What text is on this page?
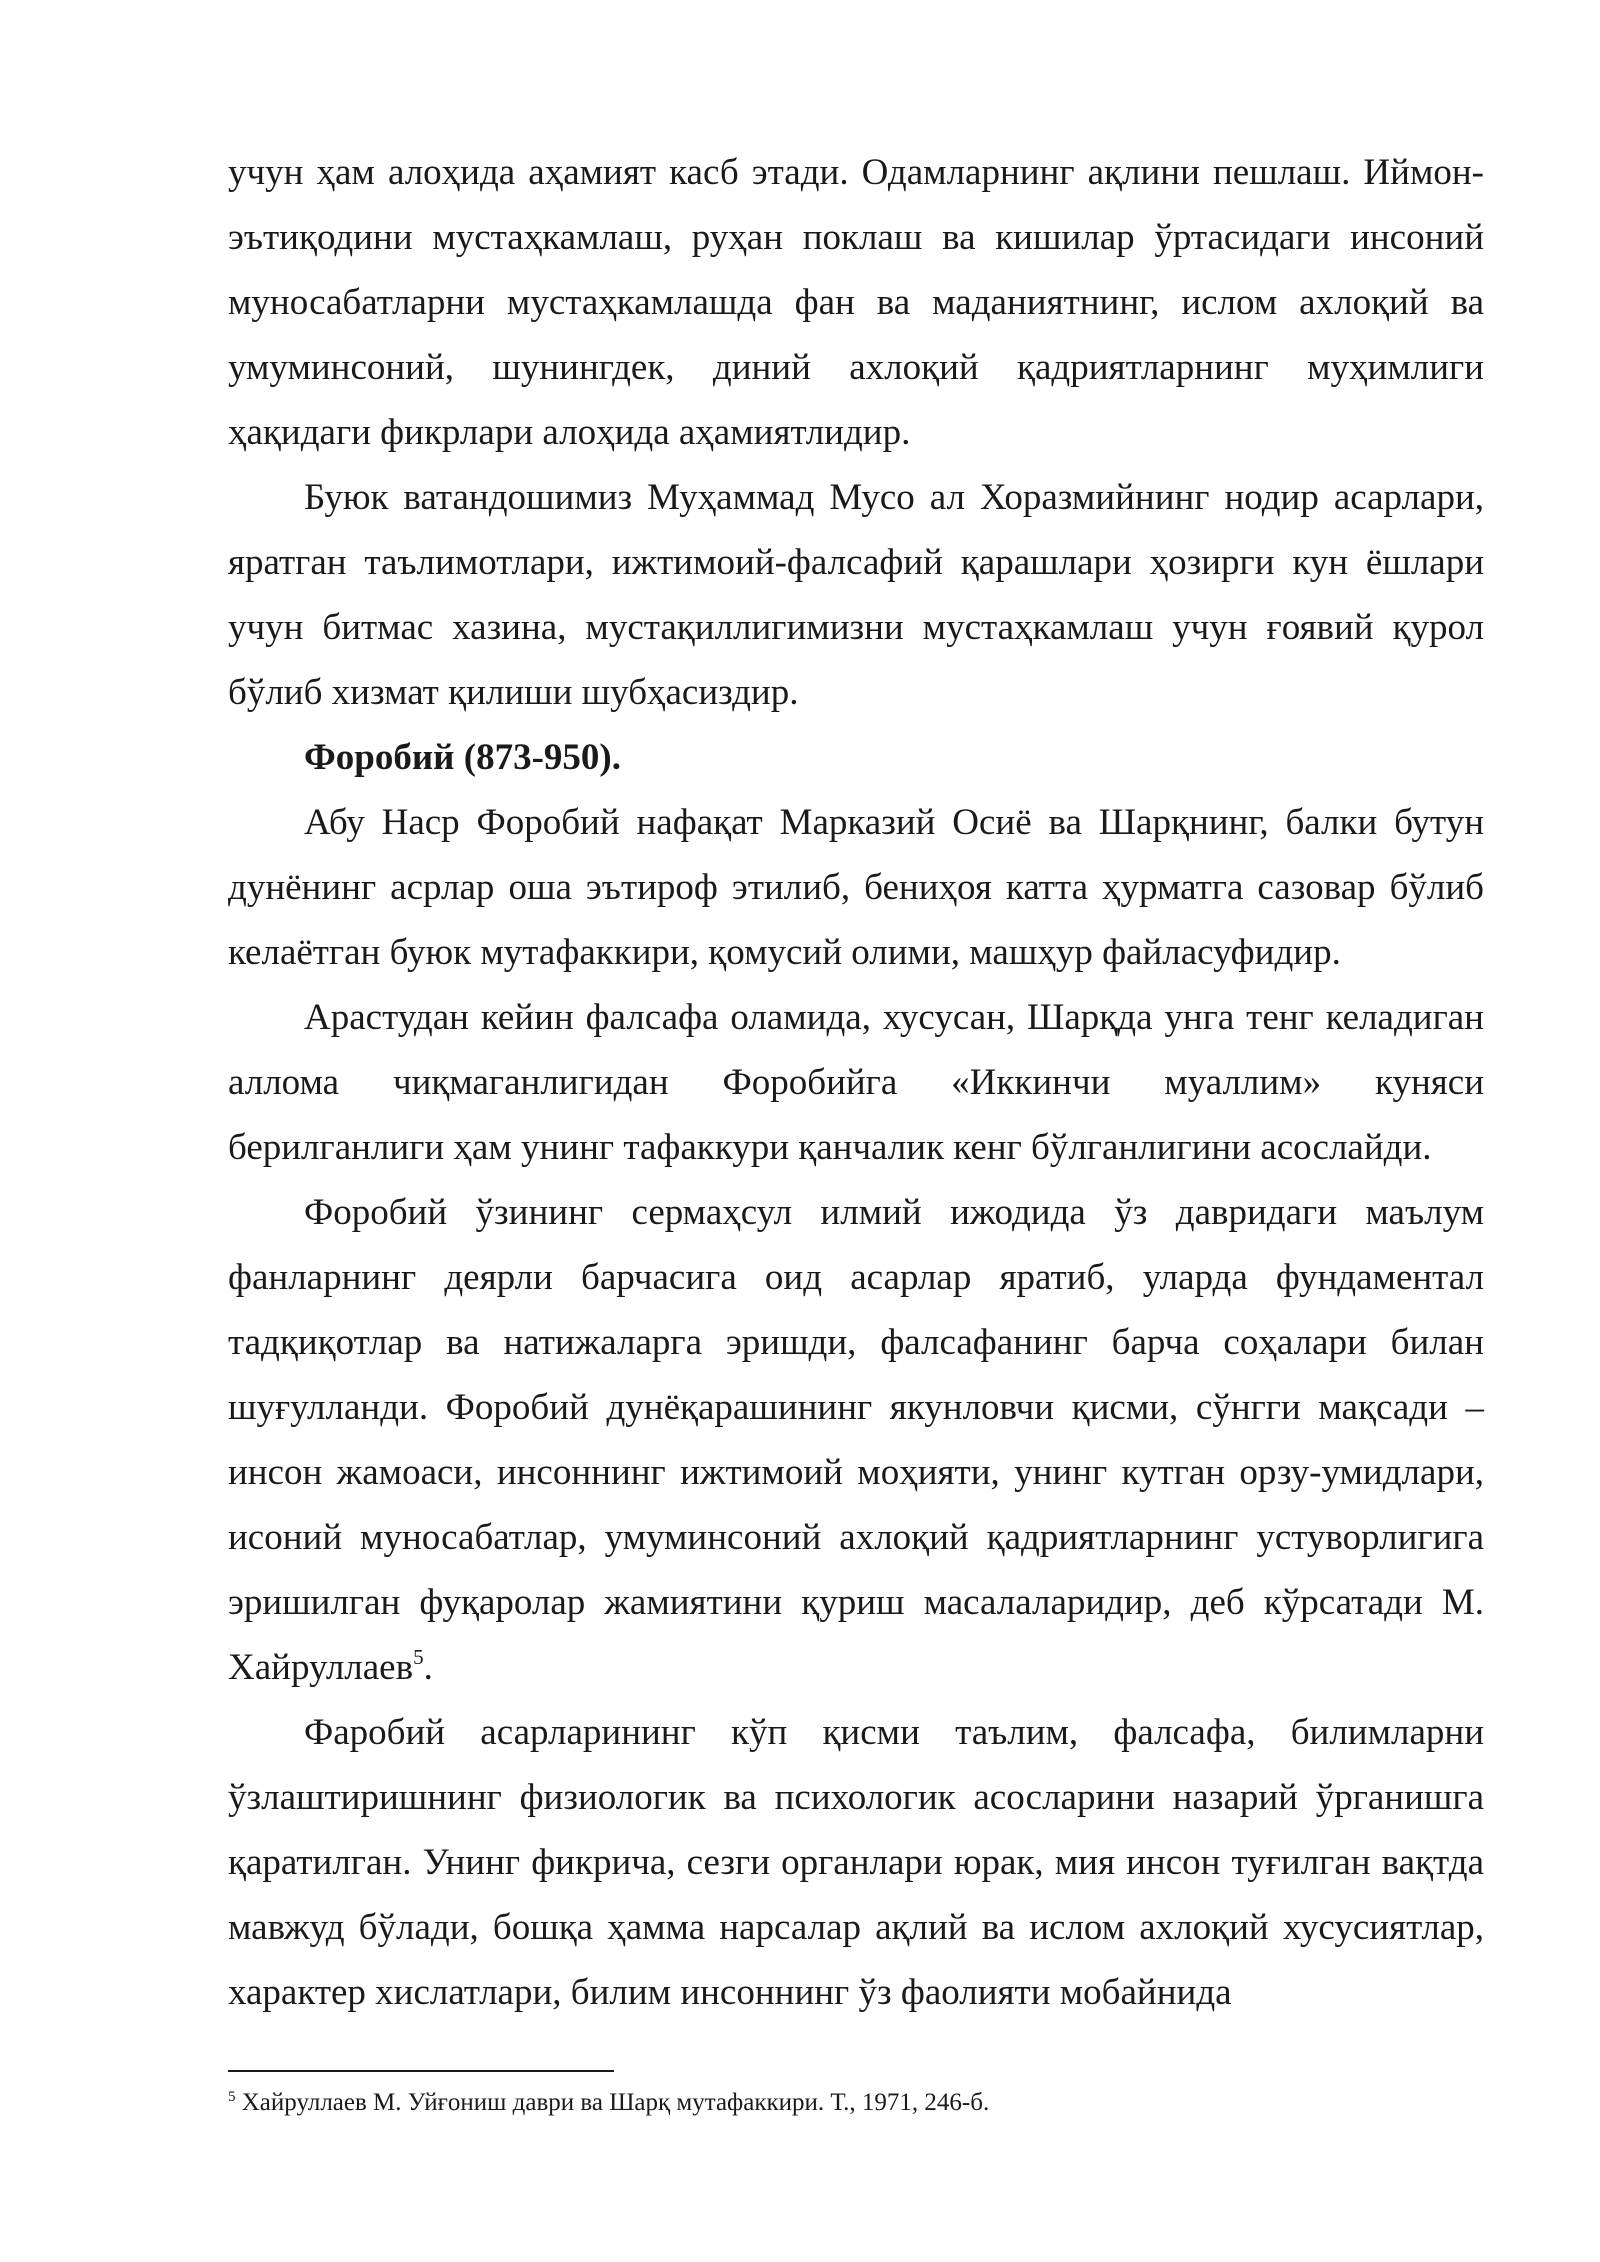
учун ҳам алоҳида аҳамият касб этади. Одамларнинг ақлини пешлаш. Иймон-эътиқодини мустаҳкамлаш, руҳан поклаш ва кишилар ўртасидаги инсоний муносабатларни мустаҳкамлашда фан ва маданиятнинг, ислом ахлоқий ва умуминсоний, шунингдек, диний ахлоқий қадриятларнинг муҳимлиги ҳақидаги фикрлари алоҳида аҳамиятлидир.

Буюк ватандошимиз Муҳаммад Мусо ал Хоразмийнинг нодир асарлари, яратган таълимотлари, ижтимоий-фалсафий қарашлари ҳозирги кун ёшлари учун битмас хазина, мустақиллигимизни мустаҳкамлаш учун ғоявий қурол бўлиб хизмат қилиши шубҳасиздир.

Форобий (873-950).

Абу Наср Форобий нафақат Марказий Осиё ва Шарқнинг, балки бутун дунёнинг асрлар оша эътироф этилиб, бениҳоя катта ҳурматга сазовар бўлиб келаётган буюк мутафаккири, қомусий олими, машҳур файласуфидир.

Арастудан кейин фалсафа оламида, хусусан, Шарқда унга тенг келадиган аллома чиқмаганлигидан Форобийга «Иккинчи муаллим» куняси берилганлиги ҳам унинг тафаккури қанчалик кенг бўлганлигини асослайди.

Форобий ўзининг сермаҳсул илмий ижодида ўз давридаги маълум фанларнинг деярли барчасига оид асарлар яратиб, уларда фундаментал тадқиқотлар ва натижаларга эришди, фалсафанинг барча соҳалари билан шуғулланди. Форобий дунёқарашининг якунловчи қисми, сўнгги мақсади – инсон жамоаси, инсоннинг ижтимоий моҳияти, унинг кутган орзу-умидлари, исоний муносабатлар, умуминсоний ахлоқий қадриятларнинг устуворлигига эришилган фуқаролар жамиятини қуриш масалаларидир, деб кўрсатади М. Хайруллаев$^5$.

Фаробий асарларининг кўп қисми таълим, фалсафа, билимларни ўзлаштиришнинг физиологик ва психологик асосларини назарий ўрганишга қаратилган. Унинг фикрича, сезги органлари юрак, мия инсон туғилган вақтда мавжуд бўлади, бошқа ҳамма нарсалар ақлий ва ислом ахлоқий хусусиятлар, характер хислатлари, билим инсоннинг ўз фаолияти мобайнида

$^5$ Хайруллаев М. Уйғониш даври ва Шарқ мутафаккири. Т., 1971, 246-б.
